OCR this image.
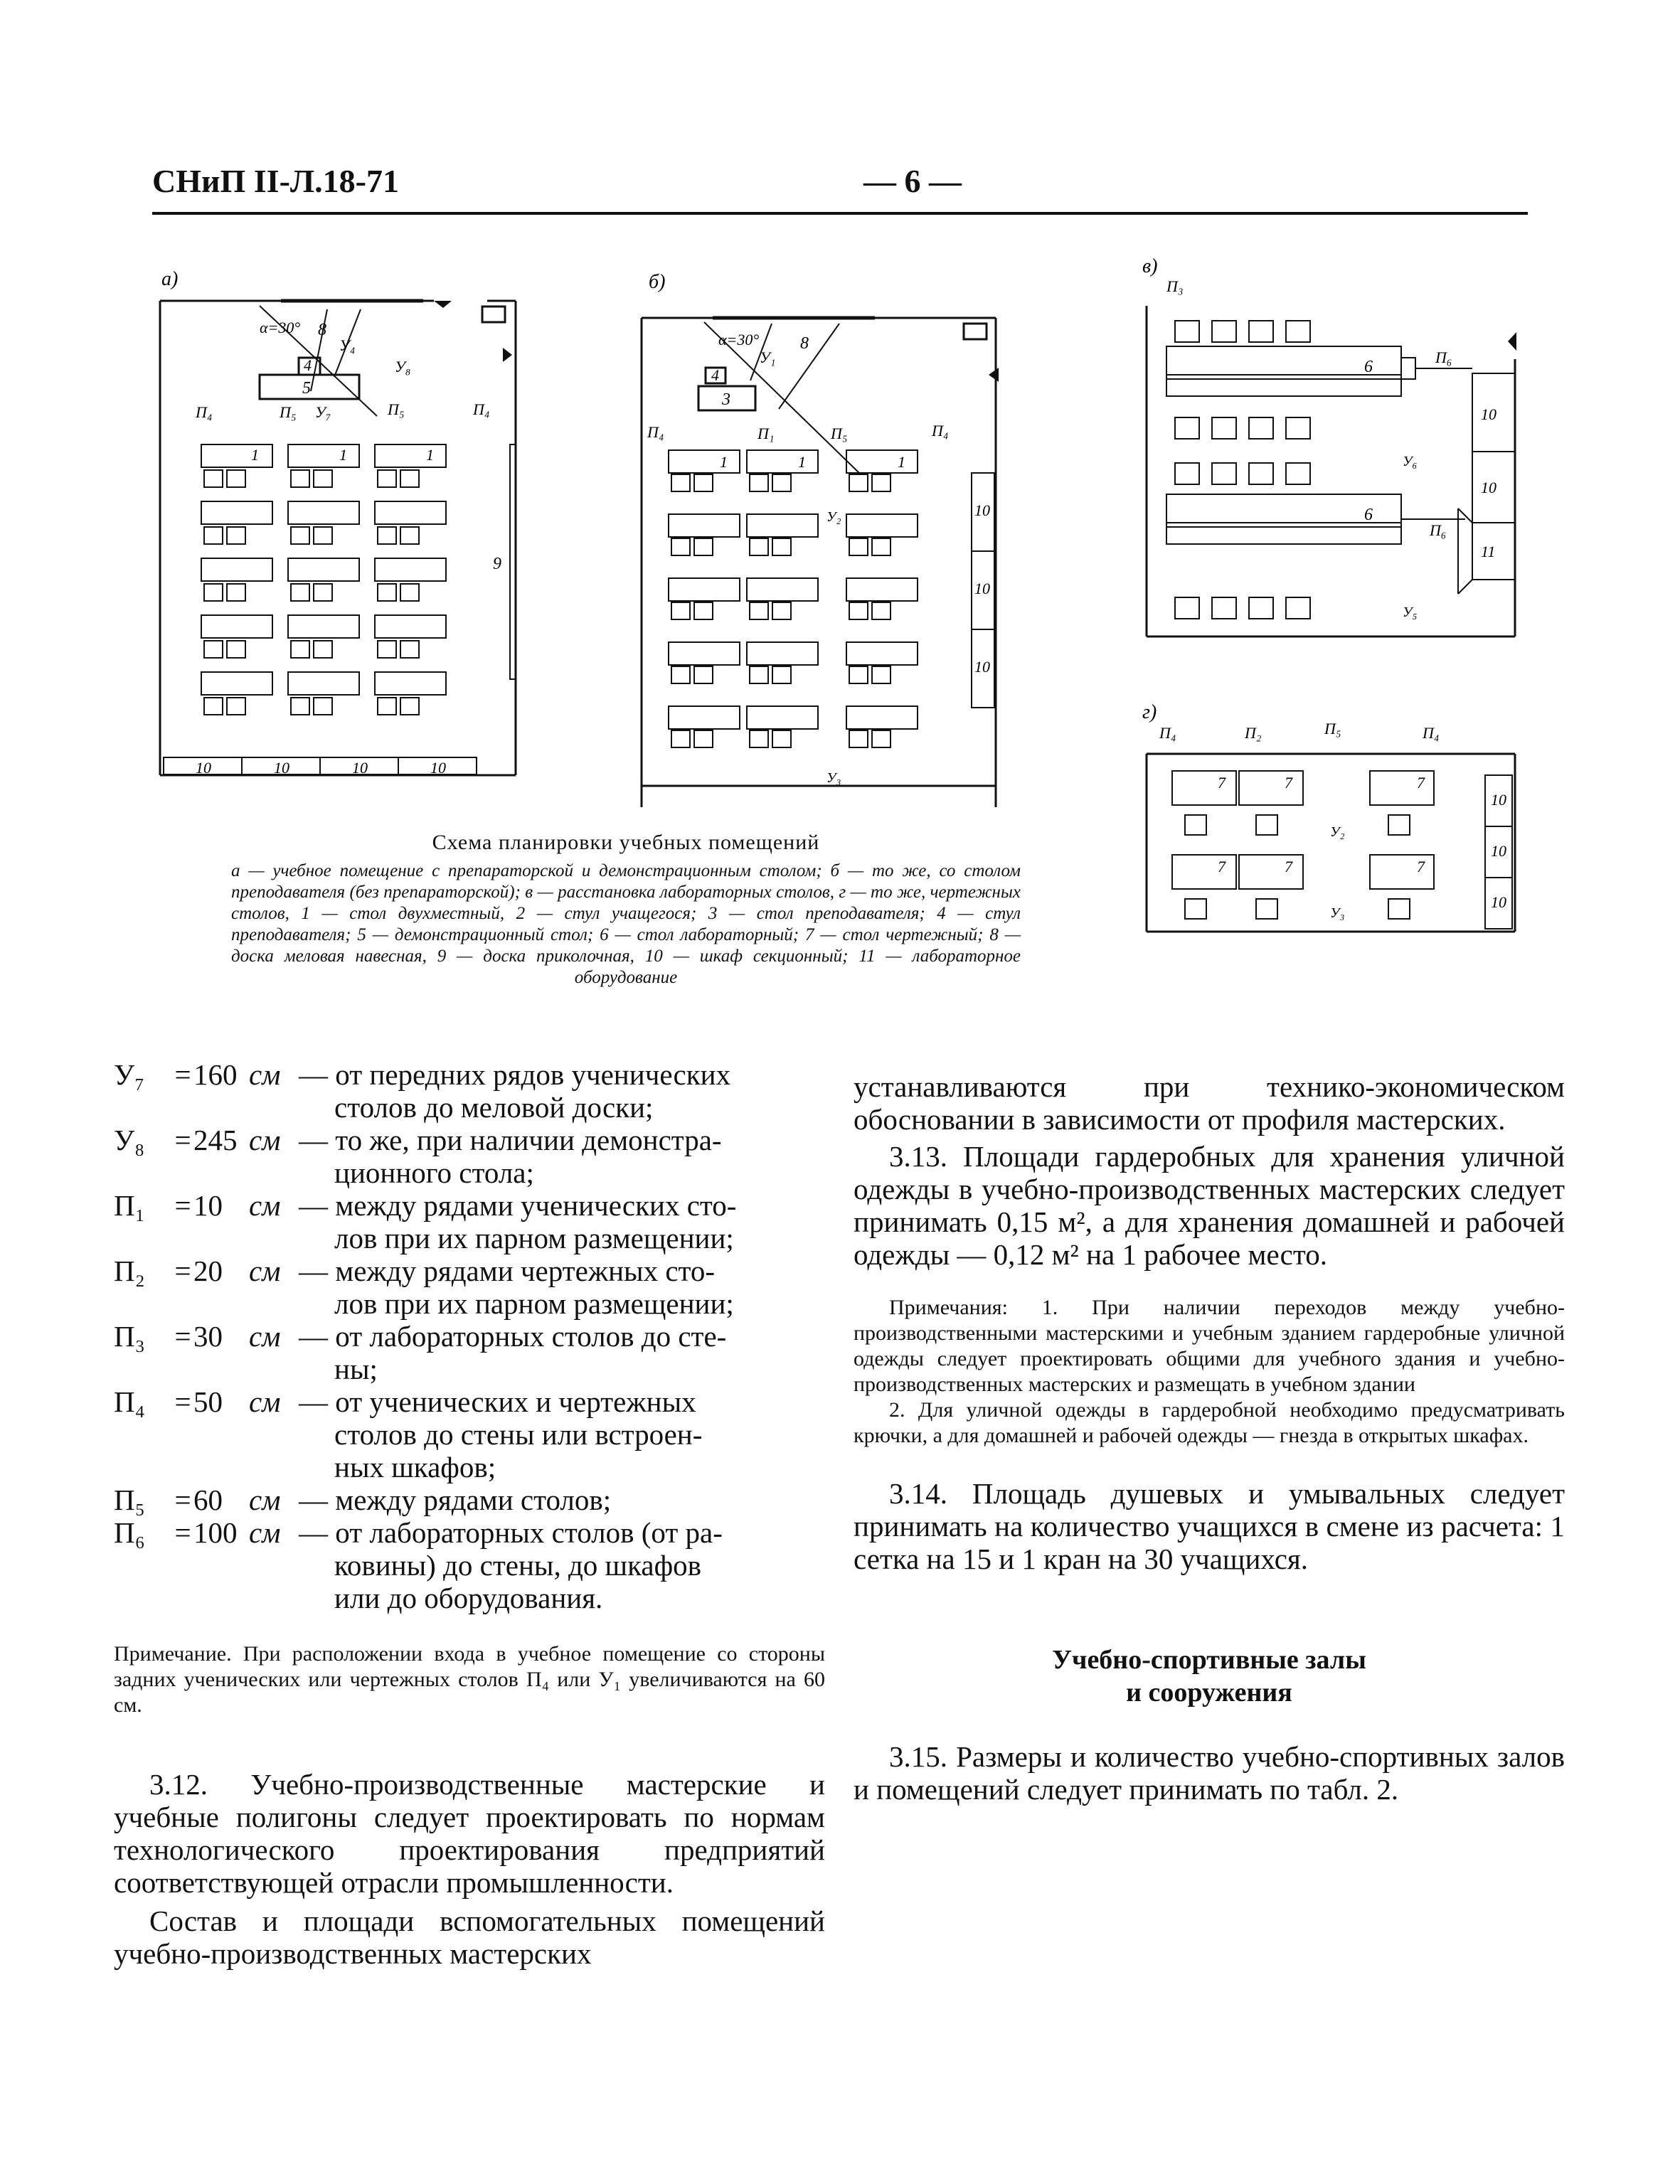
СНиП II-Л.18-71	— 6 —
а)
α=30° 8
У₄
У₈
4
5
П₄	П₅ У₇	П₅	П₄
1	1	1
9
10	10	10	10
б)
α=30° 8
У₁
4
3
П₄	П₁	П₅	П₄
1	1	1
У₂
У₃
10
10
10
в)
П₃
6
П₆
У₆
6
П₆
У₅
10
10
11
г)
П₄	П₂	П₅	П₄
7	7	7
У₂
7	7	7
У₃
10
10
10
Схема планировки учебных помещений
а — учебное помещение с препараторской и демонстрационным столом; б — то же, со столом преподавателя (без препараторской); в — расстановка лабораторных столов, г — то же, чертежных столов, 1 — стол двухместный, 2 — стул учащегося; 3 — стол преподавателя; 4 — стул преподавателя; 5 — демонстрационный стол; 6 — стол лабораторный; 7 — стол чертежный; 8 — доска меловая навесная, 9 — доска приколочная, 10 — шкаф секционный; 11 — лабораторное оборудование
У₇	= 160 см — от передних рядов ученических
столов до меловой доски;
У₈	= 245 см — то же, при наличии демонстра-
ционного стола;
П₁	= 10 см — между рядами ученических сто-
лов при их парном размещении;
П₂	= 20 см — между рядами чертежных сто-
лов при их парном размещении;
П₃	= 30 см — от лабораторных столов до сте-
ны;
П₄	= 50 см — от ученических и чертежных
столов до стены или встроен-
ных шкафов;
П₅	= 60 см — между рядами столов;
П₆	= 100 см — от лабораторных столов (от ра-
ковины) до стены, до шкафов
или до оборудования.

Примечание. При расположении входа в учебное помещение со стороны задних ученических или чертежных столов П₄ или У₁ увеличиваются на 60 см.

3.12. Учебно-производственные мастерские и учебные полигоны следует проектировать по нормам технологического проектирования предприятий соответствующей отрасли промышленности.

Состав и площади вспомогательных помещений учебно-производственных мастерских

устанавливаются при технико-экономическом обосновании в зависимости от профиля мастерских.

3.13. Площади гардеробных для хранения уличной одежды в учебно-производственных мастерских следует принимать 0,15 м², а для хранения домашней и рабочей одежды — 0,12 м² на 1 рабочее место.

Примечания: 1. При наличии переходов между учебно-производственными мастерскими и учебным зданием гардеробные уличной одежды следует проектировать общими для учебного здания и учебно-производственных мастерских и размещать в учебном здании

2. Для уличной одежды в гардеробной необходимо предусматривать крючки, а для домашней и рабочей одежды — гнезда в открытых шкафах.

3.14. Площадь душевых и умывальных следует принимать на количество учащихся в смене из расчета: 1 сетка на 15 и 1 кран на 30 учащихся.

Учебно-спортивные залы
и сооружения

3.15. Размеры и количество учебно-спортивных залов и помещений следует принимать по табл. 2.
